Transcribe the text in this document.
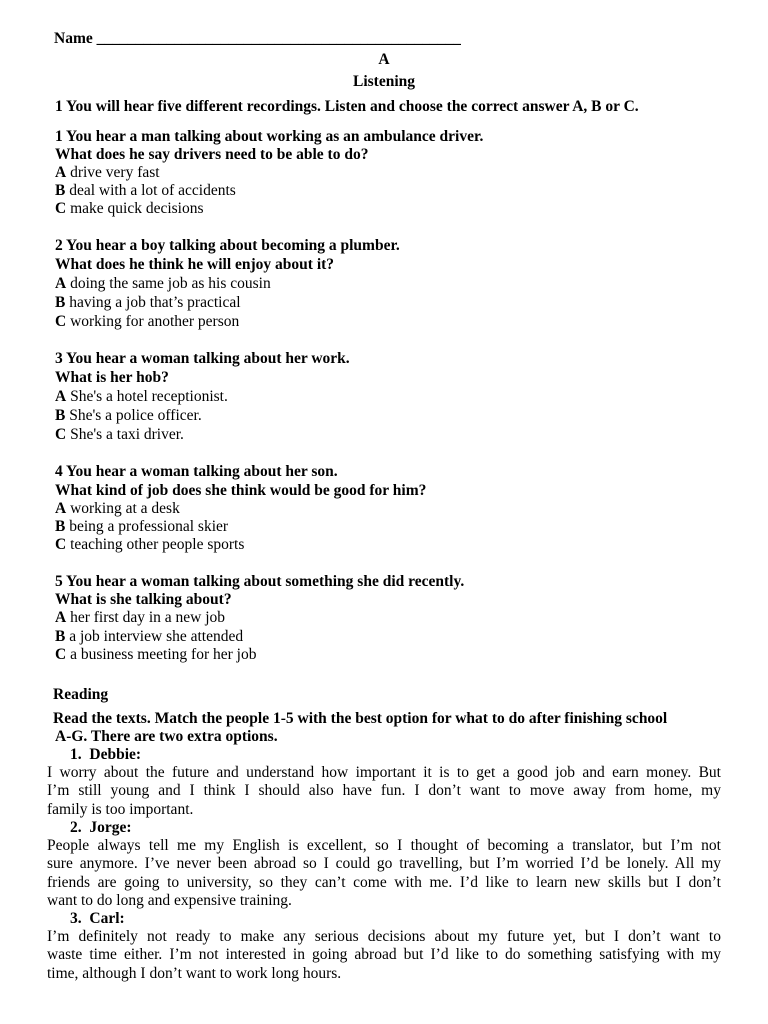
Name _______________________________________________
A
Listening
1 You will hear five different recordings. Listen and choose the correct answer A, B or C.
1 You hear a man talking about working as an ambulance driver.
What does he say drivers need to be able to do?
A drive very fast
B deal with a lot of accidents
C make quick decisions
2 You hear a boy talking about becoming a plumber.
What does he think he will enjoy about it?
A doing the same job as his cousin
B having a job that’s practical
C working for another person
3 You hear a woman talking about her work.
What is her hob?
A She's a hotel receptionist.
B She's a police officer.
C She's a taxi driver.
4 You hear a woman talking about her son.
What kind of job does she think would be good for him?
A working at a desk
B being a professional skier
C teaching other people sports
5 You hear a woman talking about something she did recently.
What is she talking about?
A her first day in a new job
B a job interview she attended
C a business meeting for her job
Reading
Read the texts. Match the people 1-5 with the best option for what to do after finishing school
A-G. There are two extra options.
1. Debbie:
I worry about the future and understand how important it is to get a good job and earn money. But
I’m still young and I think I should also have fun. I don’t want to move away from home, my
family is too important.
2. Jorge:
People always tell me my English is excellent, so I thought of becoming a translator, but I’m not
sure anymore. I’ve never been abroad so I could go travelling, but I’m worried I’d be lonely. All my
friends are going to university, so they can’t come with me. I’d like to learn new skills but I don’t
want to do long and expensive training.
3. Carl:
I’m definitely not ready to make any serious decisions about my future yet, but I don’t want to
waste time either. I’m not interested in going abroad but I’d like to do something satisfying with my
time, although I don’t want to work long hours.
